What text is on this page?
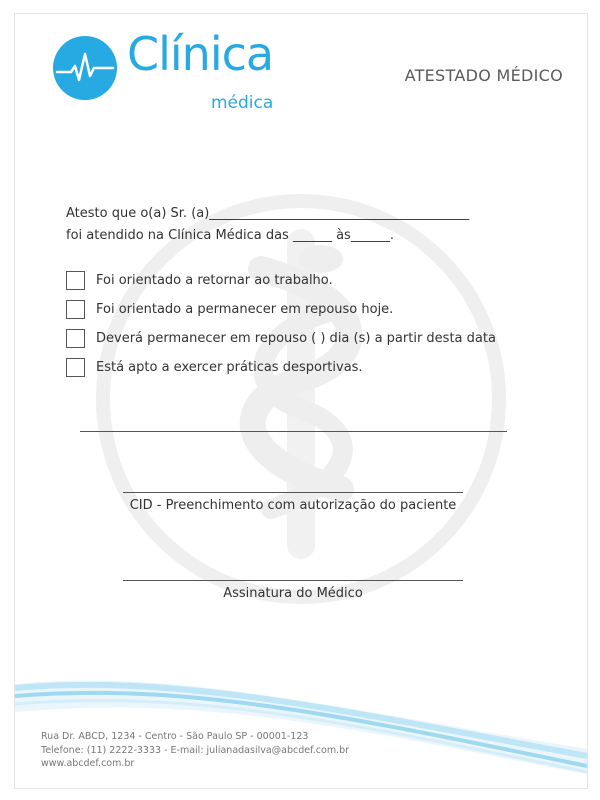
Clínica
médica
ATESTADO MÉDICO
Atesto que o(a) Sr. (a)________________________________________
foi atendido na Clínica Médica das ______ às______.
Foi orientado a retornar ao trabalho.
Foi orientado a permanecer em repouso hoje.
Deverá permanecer em repouso ( ) dia (s) a partir desta data
Está apto a exercer práticas desportivas.
CID - Preenchimento com autorização do paciente
Assinatura do Médico
Rua Dr. ABCD, 1234 - Centro - São Paulo SP - 00001-123
Telefone: (11) 2222-3333 - E-mail: julianadasilva@abcdef.com.br
www.abcdef.com.br
